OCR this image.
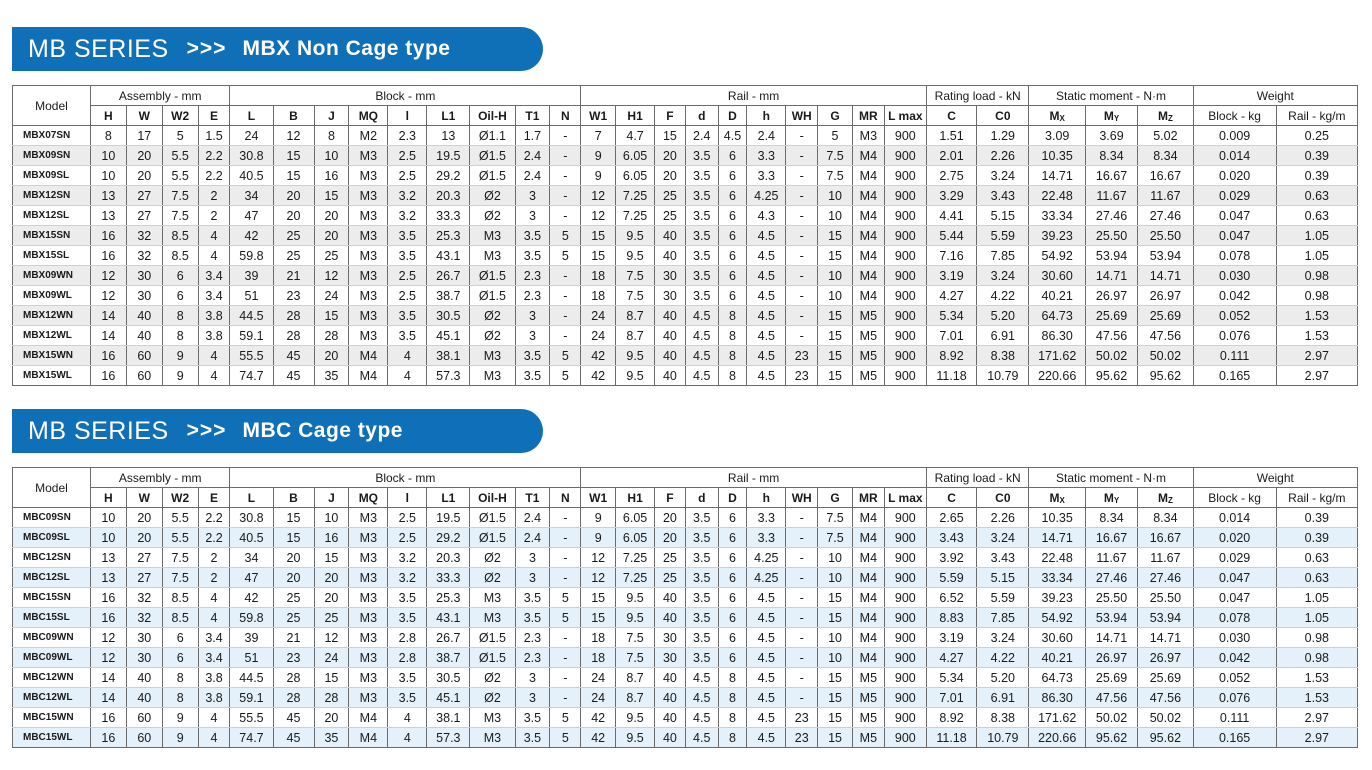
MB SERIES >>> MBX Non Cage type
Model	Assembly - mm				Block - mm									Rail - mm										Rating load - kN		Static moment - N·m			Weight	
	H	W	W2	E	L	B	J	MQ	l	L1	Oil-H	T1	N	W1	H1	F	d	D	h	WH	G	MR	L max	C	C0	$M_X$	$M_Y$	$M_Z$	Block - kg	Rail - kg/m
MBX07SN	8	17	5	1.5	24	12	8	M2	2.3	13	Ø1.1	1.7	-	7	4.7	15	2.4	4.5	2.4	-	5	M3	900	1.51	1.29	3.09	3.69	5.02	0.009	0.25
MBX09SN	10	20	5.5	2.2	30.8	15	10	M3	2.5	19.5	Ø1.5	2.4	-	9	6.05	20	3.5	6	3.3	-	7.5	M4	900	2.01	2.26	10.35	8.34	8.34	0.014	0.39
MBX09SL	10	20	5.5	2.2	40.5	15	16	M3	2.5	29.2	Ø1.5	2.4	-	9	6.05	20	3.5	6	3.3	-	7.5	M4	900	2.75	3.24	14.71	16.67	16.67	0.020	0.39
MBX12SN	13	27	7.5	2	34	20	15	M3	3.2	20.3	Ø2	3	-	12	7.25	25	3.5	6	4.25	-	10	M4	900	3.29	3.43	22.48	11.67	11.67	0.029	0.63
MBX12SL	13	27	7.5	2	47	20	20	M3	3.2	33.3	Ø2	3	-	12	7.25	25	3.5	6	4.3	-	10	M4	900	4.41	5.15	33.34	27.46	27.46	0.047	0.63
MBX15SN	16	32	8.5	4	42	25	20	M3	3.5	25.3	M3	3.5	5	15	9.5	40	3.5	6	4.5	-	15	M4	900	5.44	5.59	39.23	25.50	25.50	0.047	1.05
MBX15SL	16	32	8.5	4	59.8	25	25	M3	3.5	43.1	M3	3.5	5	15	9.5	40	3.5	6	4.5	-	15	M4	900	7.16	7.85	54.92	53.94	53.94	0.078	1.05
MBX09WN	12	30	6	3.4	39	21	12	M3	2.5	26.7	Ø1.5	2.3	-	18	7.5	30	3.5	6	4.5	-	10	M4	900	3.19	3.24	30.60	14.71	14.71	0.030	0.98
MBX09WL	12	30	6	3.4	51	23	24	M3	2.5	38.7	Ø1.5	2.3	-	18	7.5	30	3.5	6	4.5	-	10	M4	900	4.27	4.22	40.21	26.97	26.97	0.042	0.98
MBX12WN	14	40	8	3.8	44.5	28	15	M3	3.5	30.5	Ø2	3	-	24	8.7	40	4.5	8	4.5	-	15	M5	900	5.34	5.20	64.73	25.69	25.69	0.052	1.53
MBX12WL	14	40	8	3.8	59.1	28	28	M3	3.5	45.1	Ø2	3	-	24	8.7	40	4.5	8	4.5	-	15	M5	900	7.01	6.91	86.30	47.56	47.56	0.076	1.53
MBX15WN	16	60	9	4	55.5	45	20	M4	4	38.1	M3	3.5	5	42	9.5	40	4.5	8	4.5	23	15	M5	900	8.92	8.38	171.62	50.02	50.02	0.111	2.97
MBX15WL	16	60	9	4	74.7	45	35	M4	4	57.3	M3	3.5	5	42	9.5	40	4.5	8	4.5	23	15	M5	900	11.18	10.79	220.66	95.62	95.62	0.165	2.97
MB SERIES >>> MBC Cage type
Model	Assembly - mm				Block - mm									Rail - mm										Rating load - kN		Static moment - N·m			Weight	
	H	W	W2	E	L	B	J	MQ	l	L1	Oil-H	T1	N	W1	H1	F	d	D	h	WH	G	MR	L max	C	C0	$M_X$	$M_Y$	$M_Z$	Block - kg	Rail - kg/m
MBC09SN	10	20	5.5	2.2	30.8	15	10	M3	2.5	19.5	Ø1.5	2.4	-	9	6.05	20	3.5	6	3.3	-	7.5	M4	900	2.65	2.26	10.35	8.34	8.34	0.014	0.39
MBC09SL	10	20	5.5	2.2	40.5	15	16	M3	2.5	29.2	Ø1.5	2.4	-	9	6.05	20	3.5	6	3.3	-	7.5	M4	900	3.43	3.24	14.71	16.67	16.67	0.020	0.39
MBC12SN	13	27	7.5	2	34	20	15	M3	3.2	20.3	Ø2	3	-	12	7.25	25	3.5	6	4.25	-	10	M4	900	3.92	3.43	22.48	11.67	11.67	0.029	0.63
MBC12SL	13	27	7.5	2	47	20	20	M3	3.2	33.3	Ø2	3	-	12	7.25	25	3.5	6	4.25	-	10	M4	900	5.59	5.15	33.34	27.46	27.46	0.047	0.63
MBC15SN	16	32	8.5	4	42	25	20	M3	3.5	25.3	M3	3.5	5	15	9.5	40	3.5	6	4.5	-	15	M4	900	6.52	5.59	39.23	25.50	25.50	0.047	1.05
MBC15SL	16	32	8.5	4	59.8	25	25	M3	3.5	43.1	M3	3.5	5	15	9.5	40	3.5	6	4.5	-	15	M4	900	8.83	7.85	54.92	53.94	53.94	0.078	1.05
MBC09WN	12	30	6	3.4	39	21	12	M3	2.8	26.7	Ø1.5	2.3	-	18	7.5	30	3.5	6	4.5	-	10	M4	900	3.19	3.24	30.60	14.71	14.71	0.030	0.98
MBC09WL	12	30	6	3.4	51	23	24	M3	2.8	38.7	Ø1.5	2.3	-	18	7.5	30	3.5	6	4.5	-	10	M4	900	4.27	4.22	40.21	26.97	26.97	0.042	0.98
MBC12WN	14	40	8	3.8	44.5	28	15	M3	3.5	30.5	Ø2	3	-	24	8.7	40	4.5	8	4.5	-	15	M5	900	5.34	5.20	64.73	25.69	25.69	0.052	1.53
MBC12WL	14	40	8	3.8	59.1	28	28	M3	3.5	45.1	Ø2	3	-	24	8.7	40	4.5	8	4.5	-	15	M5	900	7.01	6.91	86.30	47.56	47.56	0.076	1.53
MBC15WN	16	60	9	4	55.5	45	20	M4	4	38.1	M3	3.5	5	42	9.5	40	4.5	8	4.5	23	15	M5	900	8.92	8.38	171.62	50.02	50.02	0.111	2.97
MBC15WL	16	60	9	4	74.7	45	35	M4	4	57.3	M3	3.5	5	42	9.5	40	4.5	8	4.5	23	15	M5	900	11.18	10.79	220.66	95.62	95.62	0.165	2.97
